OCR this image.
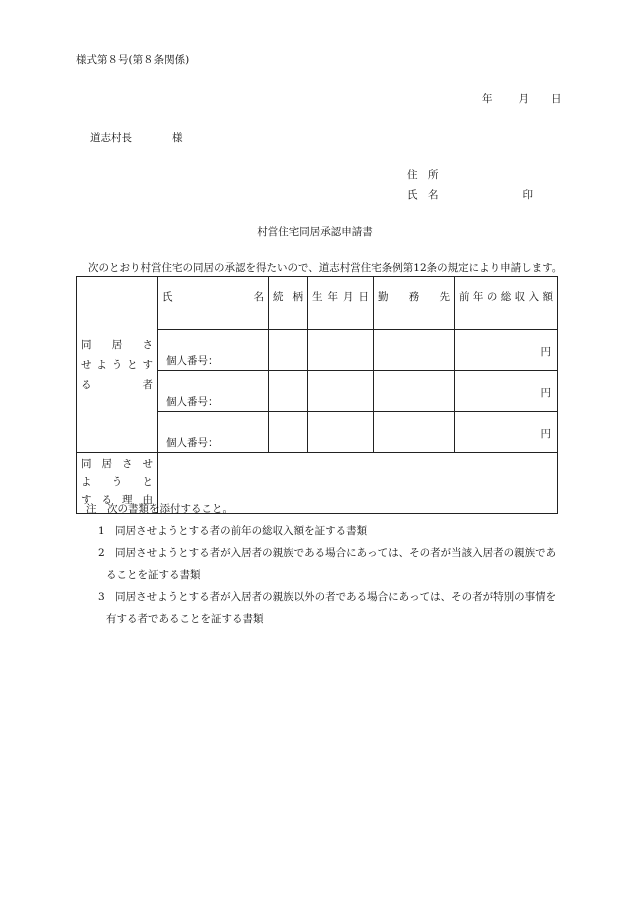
様式第８号(第８条関係)
年 月 日
道志村長	様
住　所
氏　名	印
村営住宅同居承認申請書
次のとおり村営住宅の同居の承認を得たいので、道志村営住宅条例第12条の規定により申請します。
同居さ
せようとす
る者	氏　　　　名	続柄	生年月日	勤　務　先	前年の総収入額

	個人番号：				円

	個人番号：				円

	個人番号：				円

同居させ
ようと
する理由					

注　次の書類を添付すること。
1　同居させようとする者の前年の総収入額を証する書類
2　同居させようとする者が入居者の親族である場合にあっては、その者が当該入居者の親族であ
ることを証する書類
3　同居させようとする者が入居者の親族以外の者である場合にあっては、その者が特別の事情を
有する者であることを証する書類
